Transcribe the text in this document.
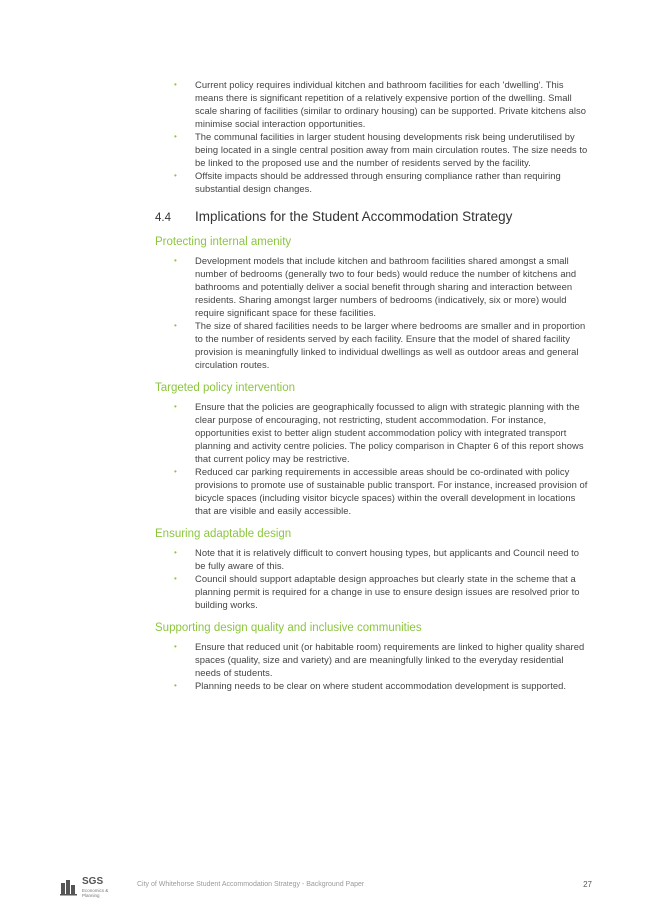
• Current policy requires individual kitchen and bathroom facilities for each 'dwelling'. This means there is significant repetition of a relatively expensive portion of the dwelling. Small scale sharing of facilities (similar to ordinary housing) can be supported. Private kitchens also minimise social interaction opportunities.
• The communal facilities in larger student housing developments risk being underutilised by being located in a single central position away from main circulation routes. The size needs to be linked to the proposed use and the number of residents served by the facility.
• Offsite impacts should be addressed through ensuring compliance rather than requiring substantial design changes.
4.4	Implications for the Student Accommodation Strategy
Protecting internal amenity
• Development models that include kitchen and bathroom facilities shared amongst a small number of bedrooms (generally two to four beds) would reduce the number of kitchens and bathrooms and potentially deliver a social benefit through sharing and interaction between residents. Sharing amongst larger numbers of bedrooms (indicatively, six or more) would require significant space for these facilities.
• The size of shared facilities needs to be larger where bedrooms are smaller and in proportion to the number of residents served by each facility. Ensure that the model of shared facility provision is meaningfully linked to individual dwellings as well as outdoor areas and general circulation routes.
Targeted policy intervention
• Ensure that the policies are geographically focussed to align with strategic planning with the clear purpose of encouraging, not restricting, student accommodation. For instance, opportunities exist to better align student accommodation policy with integrated transport planning and activity centre policies. The policy comparison in Chapter 6 of this report shows that current policy may be restrictive.
• Reduced car parking requirements in accessible areas should be co-ordinated with policy provisions to promote use of sustainable public transport. For instance, increased provision of bicycle spaces (including visitor bicycle spaces) within the overall development in locations that are visible and easily accessible.
Ensuring adaptable design
• Note that it is relatively difficult to convert housing types, but applicants and Council need to be fully aware of this.
• Council should support adaptable design approaches but clearly state in the scheme that a planning permit is required for a change in use to ensure design issues are resolved prior to building works.
Supporting design quality and inclusive communities
• Ensure that reduced unit (or habitable room) requirements are linked to higher quality shared spaces (quality, size and variety) and are meaningfully linked to the everyday residential needs of students.
• Planning needs to be clear on where student accommodation development is supported.
SGS
Economics & Planning
City of Whitehorse Student Accommodation Strategy - Background Paper	27
